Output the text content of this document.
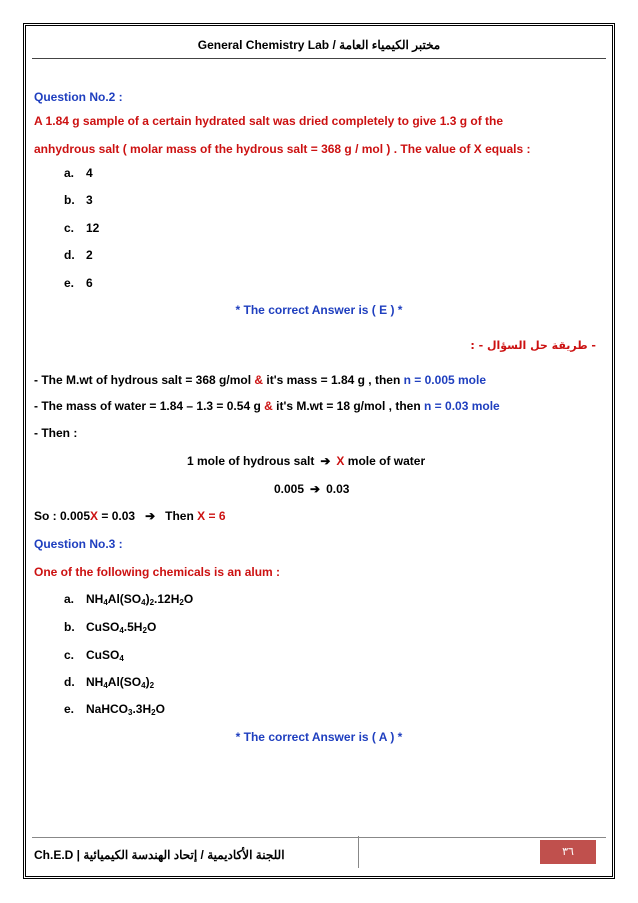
General Chemistry Lab / مختبر الكيمياء العامة
Question No.2 :
A 1.84 g sample of a certain hydrated salt was dried completely to give 1.3 g of the
anhydrous salt ( molar mass of the hydrous salt = 368 g / mol ) . The value of X equals :
a. 4
b. 3
c. 12
d. 2
e. 6
* The correct Answer is ( E ) *
- طريقة حل السؤال - :
- The M.wt of hydrous salt = 368 g/mol & it's mass = 1.84 g , then n = 0.005 mole
- The mass of water = 1.84 – 1.3 = 0.54 g & it's M.wt = 18 g/mol , then n = 0.03 mole
- Then :
1 mole of hydrous salt ➔ X mole of water
0.005 ➔ 0.03
So : 0.005X = 0.03 ➔ Then X = 6
Question No.3 :
One of the following chemicals is an alum :
a. $NH_4Al(SO_4)_2.12H_2O$
b. $CuSO_4.5H_2O$
c. CuSO$_4$
d. $NH_4Al(SO_4)_2$
e. $NaHCO_3.3H_2O$
* The correct Answer is ( A ) *
Ch.E.D | اللجنة الأكاديمية / إتحاد الهندسة الكيميائية	٣٦
